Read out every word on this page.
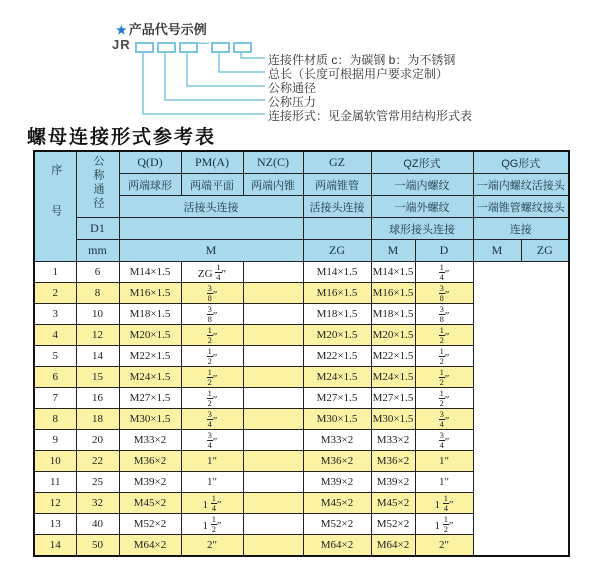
★ 产品代号示例
JR	—
连接件材质 c：为碳钢 b：为不锈钢
总长（长度可根据用户要求定制）
公称通径
公称压力
连接形式：见金属软管常用结构形式表
螺母连接形式参考表
序号	公称通径	Q(D)	PM(A)	NZ(C)	GZ	QZ形式		QG形式	
		两端球形	两端平面	两端内锥	两端锥管	一端内螺纹		一端内螺纹活接头	
		活接头连接			活接头连接	一端外螺纹		一端锥管螺纹接头	
	D1					球形接头连接		连接	
	mm	M			ZG	M	D	M	ZG
1	6	M14×1.5	ZG $\frac{1}{4}$ ″		M14×1.5	M14×1.5	$\frac{1}{4}$ ″		
2	8	M16×1.5	$\frac{3}{8}$ ″		M16×1.5	M16×1.5	$\frac{3}{8}$ ″		
3	10	M18×1.5	$\frac{3}{8}$ ″		M18×1.5	M18×1.5	$\frac{3}{8}$ ″		
4	12	M20×1.5	$\frac{1}{2}$ ″		M20×1.5	M20×1.5	$\frac{1}{2}$ ″		
5	14	M22×1.5	$\frac{1}{2}$ ″		M22×1.5	M22×1.5	$\frac{1}{2}$ ″		
6	15	M24×1.5	$\frac{1}{2}$ ″		M24×1.5	M24×1.5	$\frac{1}{2}$ ″		
7	16	M27×1.5	$\frac{1}{2}$ ″		M27×1.5	M27×1.5	$\frac{1}{2}$ ″		
8	18	M30×1.5	$\frac{3}{4}$ ″		M30×1.5	M30×1.5	$\frac{3}{4}$ ″		
9	20	M33×2	$\frac{3}{4}$ ″		M33×2	M33×2	$\frac{3}{4}$ ″		
10	22	M36×2	1″		M36×2	M36×2	1″		
11	25	M39×2	1″		M39×2	M39×2	1″		
12	32	M45×2	$1 \frac{1}{4}$ ″		M45×2	M45×2	$1 \frac{1}{4}$ ″		
13	40	M52×2	$1 \frac{1}{2}$ ″		M52×2	M52×2	$1 \frac{1}{2}$ ″		
14	50	M64×2	2″		M64×2	M64×2	2″		
